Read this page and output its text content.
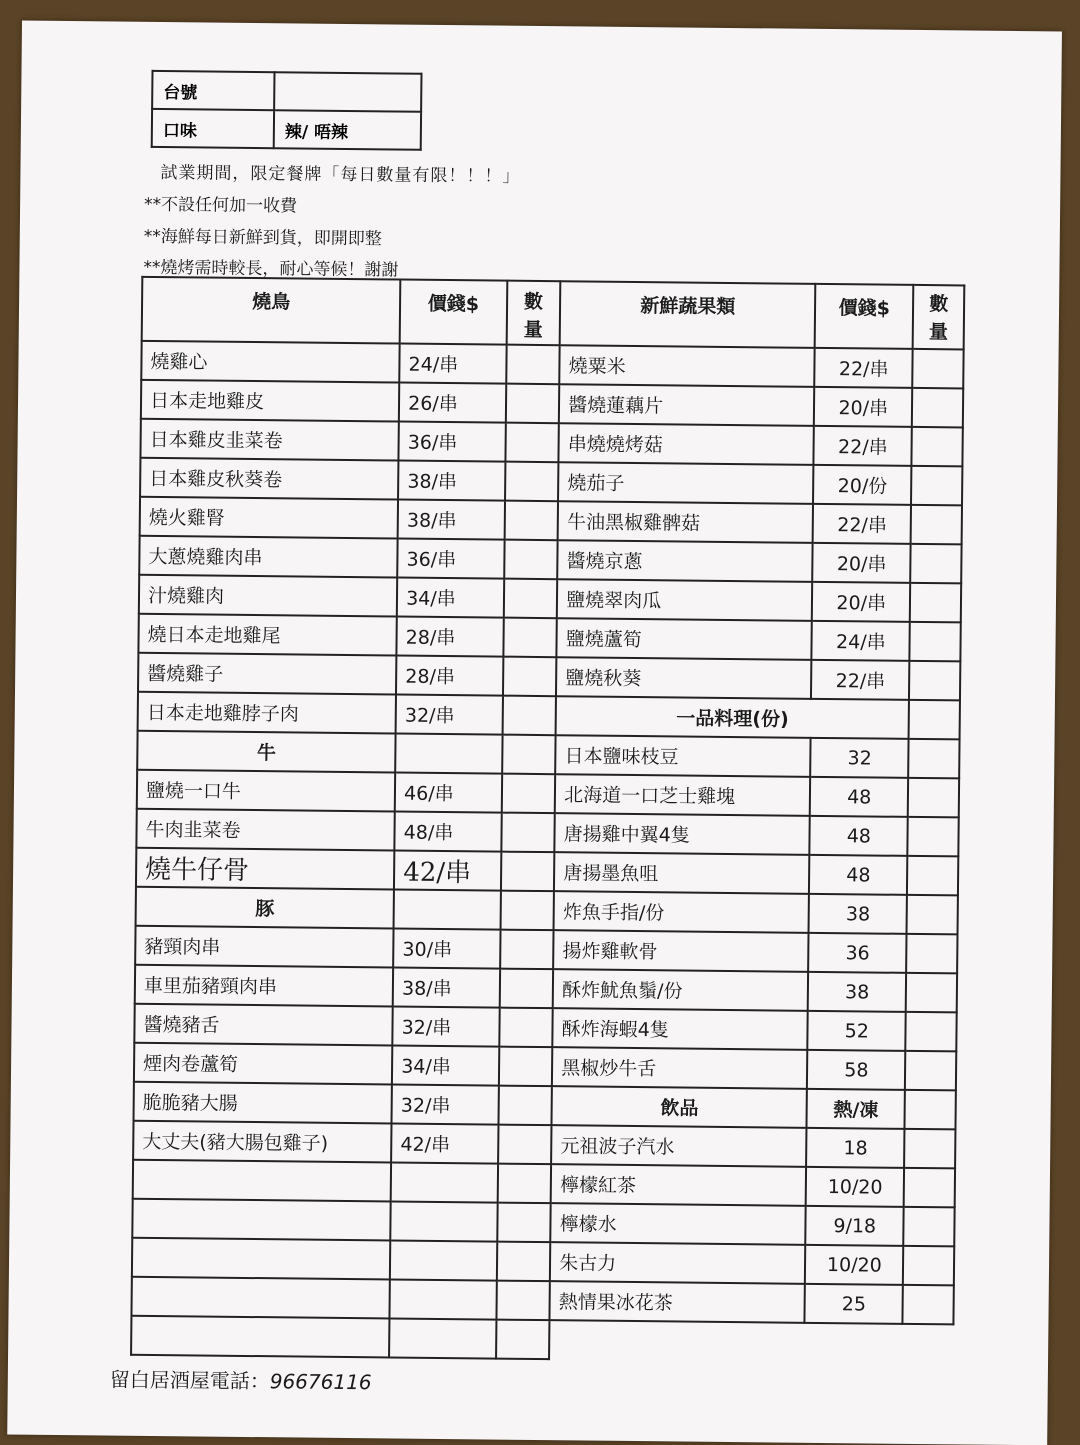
台號	
口味	辣/ 唔辣
試業期間，限定餐牌「每日數量有限！！！」
**不設任何加一收費
**海鮮每日新鮮到貨，即開即整
**燒烤需時較長，耐心等候！謝謝
燒鳥	價錢$	數量	新鮮蔬果類	價錢$	數量
燒雞心	24/串		燒粟米	22/串	
日本走地雞皮	26/串		醬燒蓮藕片	20/串	
日本雞皮韭菜卷	36/串		串燒燒烤菇	22/串	
日本雞皮秋葵卷	38/串		燒茄子	20/份	
燒火雞腎	38/串		牛油黑椒雞髀菇	22/串	
大蔥燒雞肉串	36/串		醬燒京蔥	20/串	
汁燒雞肉	34/串		鹽燒翠肉瓜	20/串	
燒日本走地雞尾	28/串		鹽燒蘆筍	24/串	
醬燒雞子	28/串		鹽燒秋葵	22/串	
日本走地雞脖子肉	32/串		一品料理(份)		
牛			日本鹽味枝豆	32	
鹽燒一口牛	46/串		北海道一口芝士雞塊	48	
牛肉韭菜卷	48/串		唐揚雞中翼4隻	48	
燒牛仔骨	42/串		唐揚墨魚咀	48	
豚			炸魚手指/份	38	
豬頸肉串	30/串		揚炸雞軟骨	36	
車里茄豬頸肉串	38/串		酥炸魷魚鬚/份	38	
醬燒豬舌	32/串		酥炸海蝦4隻	52	
煙肉卷蘆筍	34/串		黑椒炒牛舌	58	
脆脆豬大腸	32/串		飲品	熱/凍	
大丈夫(豬大腸包雞子)	42/串		元祖波子汽水	18	
			檸檬紅茶	10/20	
			檸檬水	9/18	
			朱古力	10/20	
			熱情果冰花茶	25	

留白居酒屋電話：96676116
